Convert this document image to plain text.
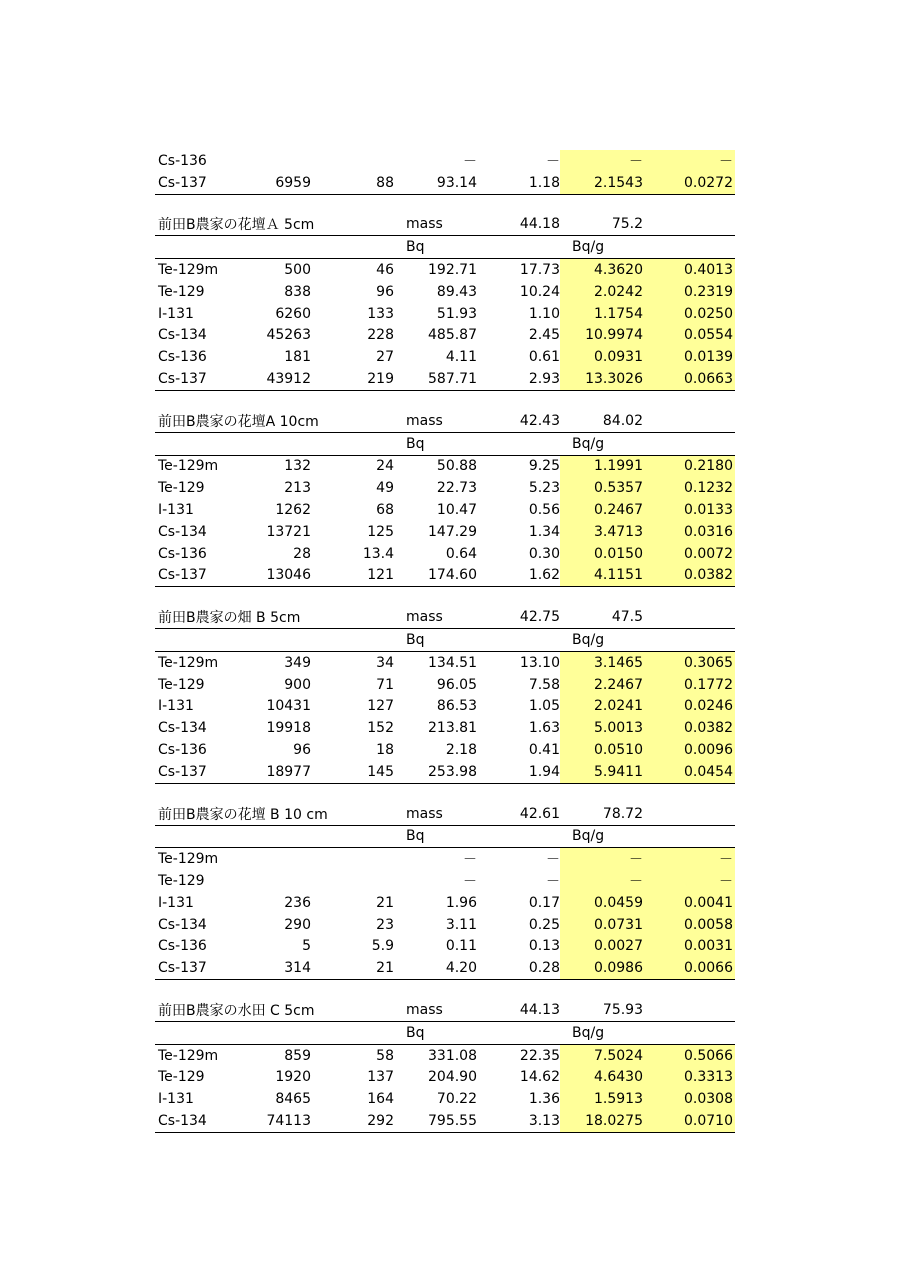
Cs-136			－	－	－	－
Cs-137	6959	88	93.14	1.18	2.1543	0.0272

前田B農家の花壇Ａ 5cm			mass	44.18	75.2	
			Bq		Bq/g	
Te-129m	500	46	192.71	17.73	4.3620	0.4013
Te-129	838	96	89.43	10.24	2.0242	0.2319
I-131	6260	133	51.93	1.10	1.1754	0.0250
Cs-134	45263	228	485.87	2.45	10.9974	0.0554
Cs-136	181	27	4.11	0.61	0.0931	0.0139
Cs-137	43912	219	587.71	2.93	13.3026	0.0663

前田B農家の花壇A 10cm			mass	42.43	84.02	
			Bq		Bq/g	
Te-129m	132	24	50.88	9.25	1.1991	0.2180
Te-129	213	49	22.73	5.23	0.5357	0.1232
I-131	1262	68	10.47	0.56	0.2467	0.0133
Cs-134	13721	125	147.29	1.34	3.4713	0.0316
Cs-136	28	13.4	0.64	0.30	0.0150	0.0072
Cs-137	13046	121	174.60	1.62	4.1151	0.0382

前田B農家の畑 B 5cm			mass	42.75	47.5	
			Bq		Bq/g	
Te-129m	349	34	134.51	13.10	3.1465	0.3065
Te-129	900	71	96.05	7.58	2.2467	0.1772
I-131	10431	127	86.53	1.05	2.0241	0.0246
Cs-134	19918	152	213.81	1.63	5.0013	0.0382
Cs-136	96	18	2.18	0.41	0.0510	0.0096
Cs-137	18977	145	253.98	1.94	5.9411	0.0454

前田B農家の花壇 B 10 cm			mass	42.61	78.72	
			Bq		Bq/g	
Te-129m			－	－	－	－
Te-129			－	－	－	－
I-131	236	21	1.96	0.17	0.0459	0.0041
Cs-134	290	23	3.11	0.25	0.0731	0.0058
Cs-136	5	5.9	0.11	0.13	0.0027	0.0031
Cs-137	314	21	4.20	0.28	0.0986	0.0066

前田B農家の水田 C 5cm			mass	44.13	75.93	
			Bq		Bq/g	
Te-129m	859	58	331.08	22.35	7.5024	0.5066
Te-129	1920	137	204.90	14.62	4.6430	0.3313
I-131	8465	164	70.22	1.36	1.5913	0.0308
Cs-134	74113	292	795.55	3.13	18.0275	0.0710
